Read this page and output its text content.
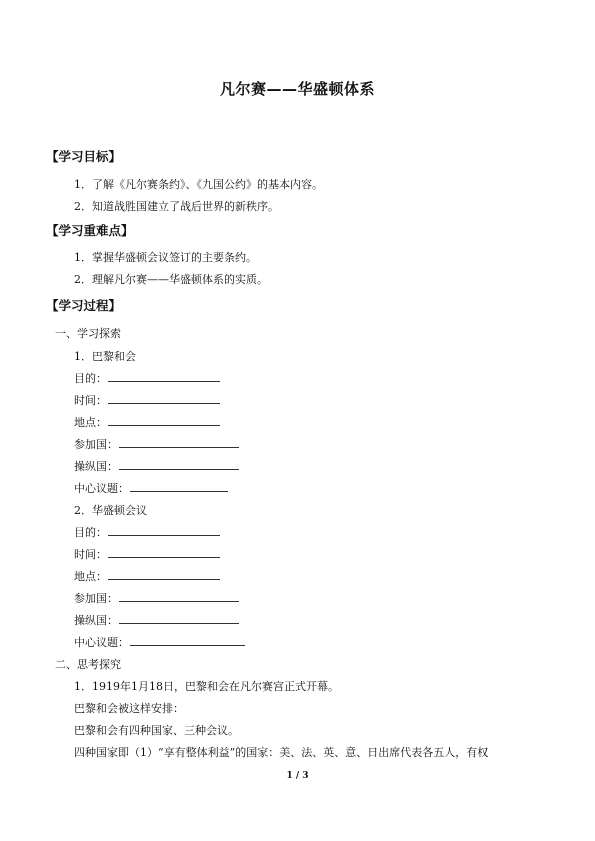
凡尔赛——华盛顿体系
【学习目标】
1．了解《凡尔赛条约》、《九国公约》的基本内容。
2．知道战胜国建立了战后世界的新秩序。
【学习重难点】
1．掌握华盛顿会议签订的主要条约。
2．理解凡尔赛——华盛顿体系的实质。
【学习过程】
一、学习探索
1．巴黎和会
目的：
时间：
地点：
参加国：
操纵国：
中心议题：
2．华盛顿会议
目的：
时间：
地点：
参加国：
操纵国：
中心议题：
二、思考探究
1．1919年1月18日，巴黎和会在凡尔赛宫正式开幕。
巴黎和会被这样安排：
巴黎和会有四种国家、三种会议。
四种国家即（1）“享有整体利益”的国家：美、法、英、意、日出席代表各五人，有权
1 / 3
